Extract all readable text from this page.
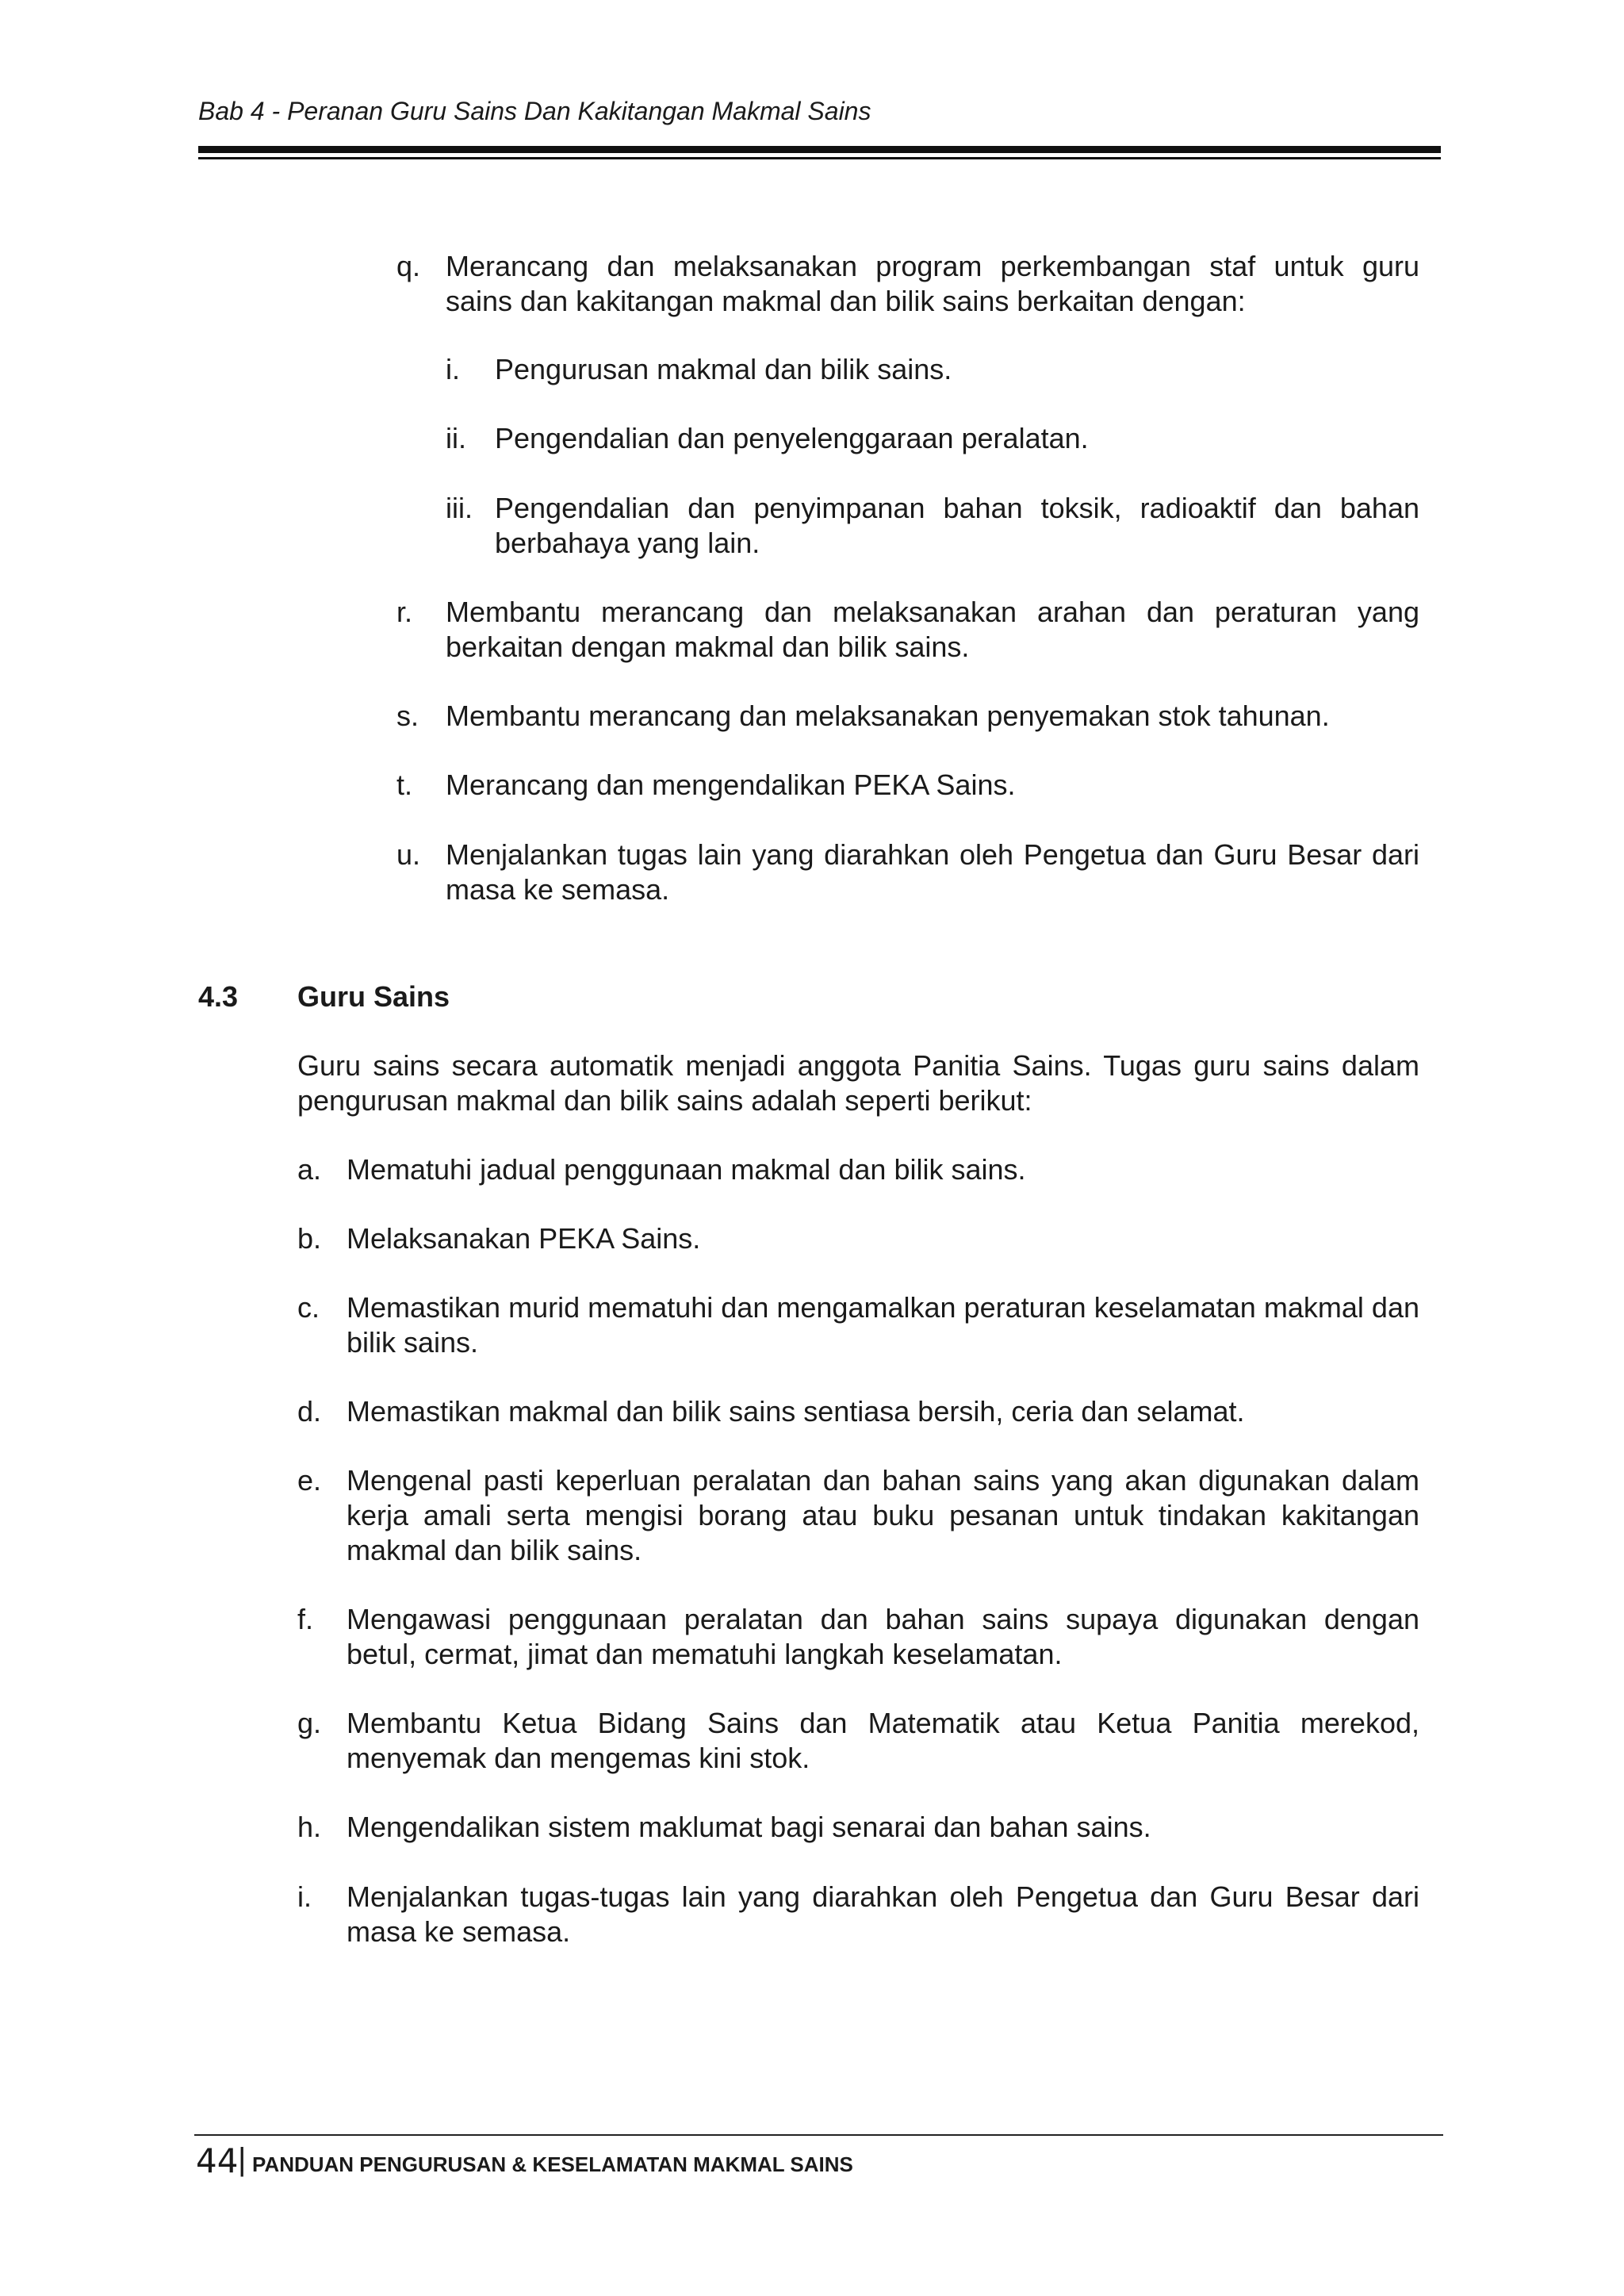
Bab 4 - Peranan Guru Sains Dan Kakitangan Makmal Sains
q. Merancang dan melaksanakan program perkembangan staf untuk guru sains dan kakitangan makmal dan bilik sains berkaitan dengan:
i. Pengurusan makmal dan bilik sains.
ii. Pengendalian dan penyelenggaraan peralatan.
iii. Pengendalian dan penyimpanan bahan toksik, radioaktif dan bahan berbahaya yang lain.
r. Membantu merancang dan melaksanakan arahan dan peraturan yang berkaitan dengan makmal dan bilik sains.
s. Membantu merancang dan melaksanakan penyemakan stok tahunan.
t. Merancang dan mengendalikan PEKA Sains.
u. Menjalankan tugas lain yang diarahkan oleh Pengetua dan Guru Besar dari masa ke semasa.
4.3 Guru Sains
Guru sains secara automatik menjadi anggota Panitia Sains. Tugas guru sains dalam pengurusan makmal dan bilik sains adalah seperti berikut:
a. Mematuhi jadual penggunaan makmal dan bilik sains.
b. Melaksanakan PEKA Sains.
c. Memastikan murid mematuhi dan mengamalkan peraturan keselamatan makmal dan bilik sains.
d. Memastikan makmal dan bilik sains sentiasa bersih, ceria dan selamat.
e. Mengenal pasti keperluan peralatan dan bahan sains yang akan digunakan dalam kerja amali serta mengisi borang atau buku pesanan untuk tindakan kakitangan makmal dan bilik sains.
f. Mengawasi penggunaan peralatan dan bahan sains supaya digunakan dengan betul, cermat, jimat dan mematuhi langkah keselamatan.
g. Membantu Ketua Bidang Sains dan Matematik atau Ketua Panitia merekod, menyemak dan mengemas kini stok.
h. Mengendalikan sistem maklumat bagi senarai dan bahan sains.
i. Menjalankan tugas-tugas lain yang diarahkan oleh Pengetua dan Guru Besar dari masa ke semasa.
44 | PANDUAN PENGURUSAN & KESELAMATAN MAKMAL SAINS
